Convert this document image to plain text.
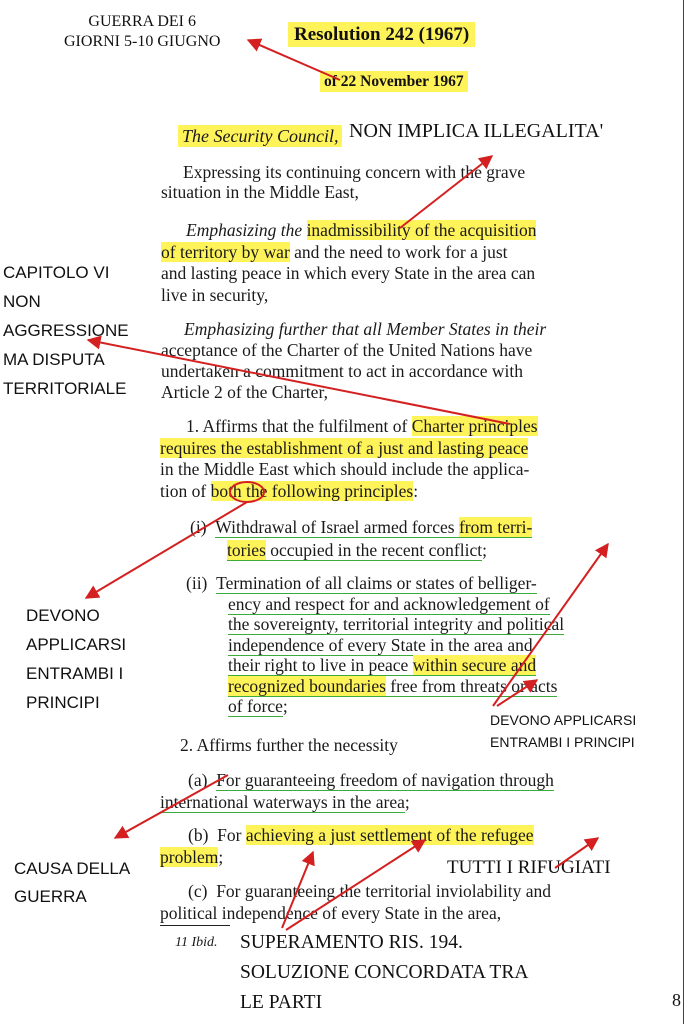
Resolution 242 (1967)
of 22 November 1967
GUERRA DEI 6
GIORNI 5-10 GIUGNO
The Security Council, NON IMPLICA ILLEGALITA'
Expressing its continuing concern with the grave
situation in the Middle East,
Emphasizing the inadmissibility of the acquisition
of territory by war and the need to work for a just
and lasting peace in which every State in the area can
live in security,
Emphasizing further that all Member States in their
acceptance of the Charter of the United Nations have
undertaken a commitment to act in accordance with
Article 2 of the Charter,
1. Affirms that the fulfilment of Charter principles
requires the establishment of a just and lasting peace
in the Middle East which should include the applica-
tion of both the following principles:
(i) Withdrawal of Israel armed forces from terri-
tories occupied in the recent conflict;
(ii) Termination of all claims or states of belliger-
ency and respect for and acknowledgement of
the sovereignty, territorial integrity and political
independence of every State in the area and
their right to live in peace within secure and
recognized boundaries free from threats or acts
of force;
2. Affirms further the necessity
(a) For guaranteeing freedom of navigation through
international waterways in the area;
(b) For achieving a just settlement of the refugee
problem;
(c) For guaranteeing the territorial inviolability and
political independence of every State in the area,
11 Ibid.
CAPITOLO VI
NON
AGGRESSIONE
MA DISPUTA
TERRITORIALE
DEVONO
APPLICARSI
ENTRAMBI I
PRINCIPI
DEVONO APPLICARSI
ENTRAMBI I PRINCIPI
CAUSA DELLA
GUERRA
TUTTI I RIFUGIATI
SUPERAMENTO RIS. 194.
SOLUZIONE CONCORDATA TRA
LE PARTI	8
